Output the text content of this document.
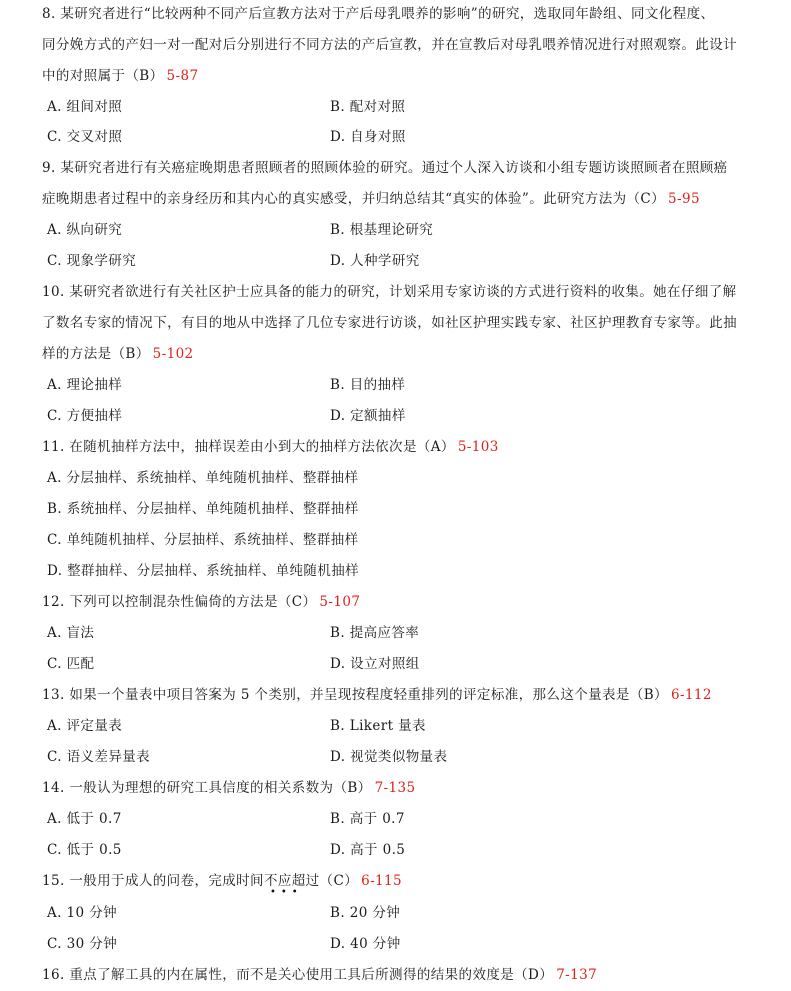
8. 某研究者进行“比较两种不同产后宣教方法对于产后母乳喂养的影响”的研究，选取同年龄组、同文化程度、
同分娩方式的产妇一对一配对后分别进行不同方法的产后宣教，并在宣教后对母乳喂养情况进行对照观察。此设计
中的对照属于（B） 5-87
A. 组间对照	B. 配对对照
C. 交叉对照	D. 自身对照
9. 某研究者进行有关癌症晚期患者照顾者的照顾体验的研究。通过个人深入访谈和小组专题访谈照顾者在照顾癌
症晚期患者过程中的亲身经历和其内心的真实感受，并归纳总结其“真实的体验”。此研究方法为（C） 5-95
A. 纵向研究	B. 根基理论研究
C. 现象学研究	D. 人种学研究
10. 某研究者欲进行有关社区护士应具备的能力的研究，计划采用专家访谈的方式进行资料的收集。她在仔细了解
了数名专家的情况下，有目的地从中选择了几位专家进行访谈，如社区护理实践专家、社区护理教育专家等。此抽
样的方法是（B） 5-102
A. 理论抽样	B. 目的抽样
C. 方便抽样	D. 定额抽样
11. 在随机抽样方法中，抽样误差由小到大的抽样方法依次是（A） 5-103
A. 分层抽样、系统抽样、单纯随机抽样、整群抽样
B. 系统抽样、分层抽样、单纯随机抽样、整群抽样
C. 单纯随机抽样、分层抽样、系统抽样、整群抽样
D. 整群抽样、分层抽样、系统抽样、单纯随机抽样
12. 下列可以控制混杂性偏倚的方法是（C） 5-107
A. 盲法	B. 提高应答率
C. 匹配	D. 设立对照组
13. 如果一个量表中项目答案为 5 个类别，并呈现按程度轻重排列的评定标准，那么这个量表是（B） 6-112
A. 评定量表	B. Likert 量表
C. 语义差异量表	D. 视觉类似物量表
14. 一般认为理想的研究工具信度的相关系数为（B） 7-135
A. 低于 0.7	B. 高于 0.7
C. 低于 0.5	D. 高于 0.5
15. 一般用于成人的问卷，完成时间不应超过（C） 6-115
•••
A. 10 分钟	B. 20 分钟
C. 30 分钟	D. 40 分钟
16. 重点了解工具的内在属性，而不是关心使用工具后所测得的结果的效度是（D） 7-137
